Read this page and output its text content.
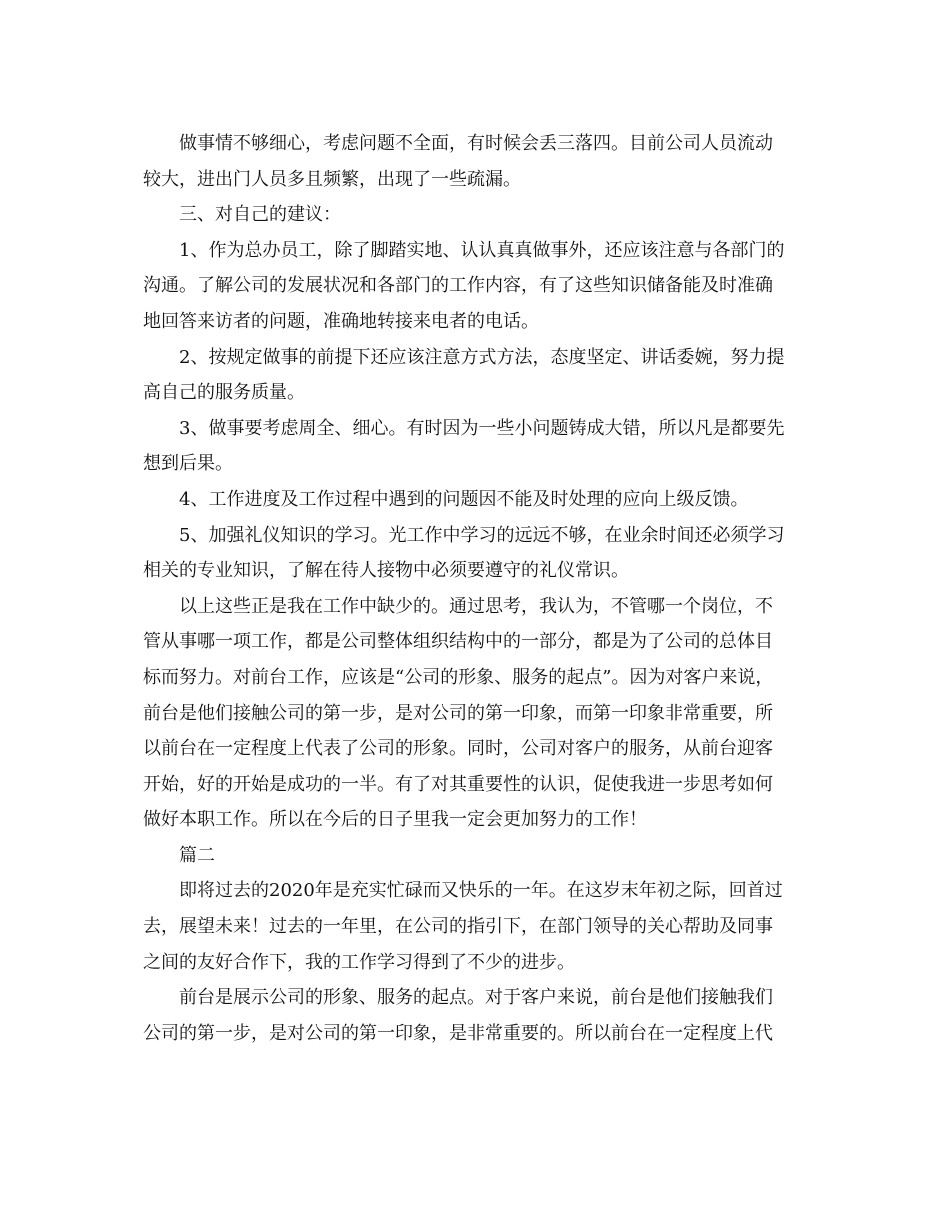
做事情不够细心，考虑问题不全面，有时候会丢三落四。目前公司人员流动
较大，进出门人员多且频繁，出现了一些疏漏。
三、对自己的建议：
1、作为总办员工，除了脚踏实地、认认真真做事外，还应该注意与各部门的
沟通。了解公司的发展状况和各部门的工作内容，有了这些知识储备能及时准确
地回答来访者的问题，准确地转接来电者的电话。
2、按规定做事的前提下还应该注意方式方法，态度坚定、讲话委婉，努力提
高自己的服务质量。
3、做事要考虑周全、细心。有时因为一些小问题铸成大错，所以凡是都要先
想到后果。
4、工作进度及工作过程中遇到的问题因不能及时处理的应向上级反馈。
5、加强礼仪知识的学习。光工作中学习的远远不够，在业余时间还必须学习
相关的专业知识，了解在待人接物中必须要遵守的礼仪常识。
以上这些正是我在工作中缺少的。通过思考，我认为，不管哪一个岗位，不
管从事哪一项工作，都是公司整体组织结构中的一部分，都是为了公司的总体目
标而努力。对前台工作，应该是“公司的形象、服务的起点”。因为对客户来说，
前台是他们接触公司的第一步，是对公司的第一印象，而第一印象非常重要，所
以前台在一定程度上代表了公司的形象。同时，公司对客户的服务，从前台迎客
开始，好的开始是成功的一半。有了对其重要性的认识，促使我进一步思考如何
做好本职工作。所以在今后的日子里我一定会更加努力的工作！
篇二
即将过去的2020年是充实忙碌而又快乐的一年。在这岁末年初之际，回首过
去，展望未来！过去的一年里，在公司的指引下，在部门领导的关心帮助及同事
之间的友好合作下，我的工作学习得到了不少的进步。
前台是展示公司的形象、服务的起点。对于客户来说，前台是他们接触我们
公司的第一步，是对公司的第一印象，是非常重要的。所以前台在一定程度上代
